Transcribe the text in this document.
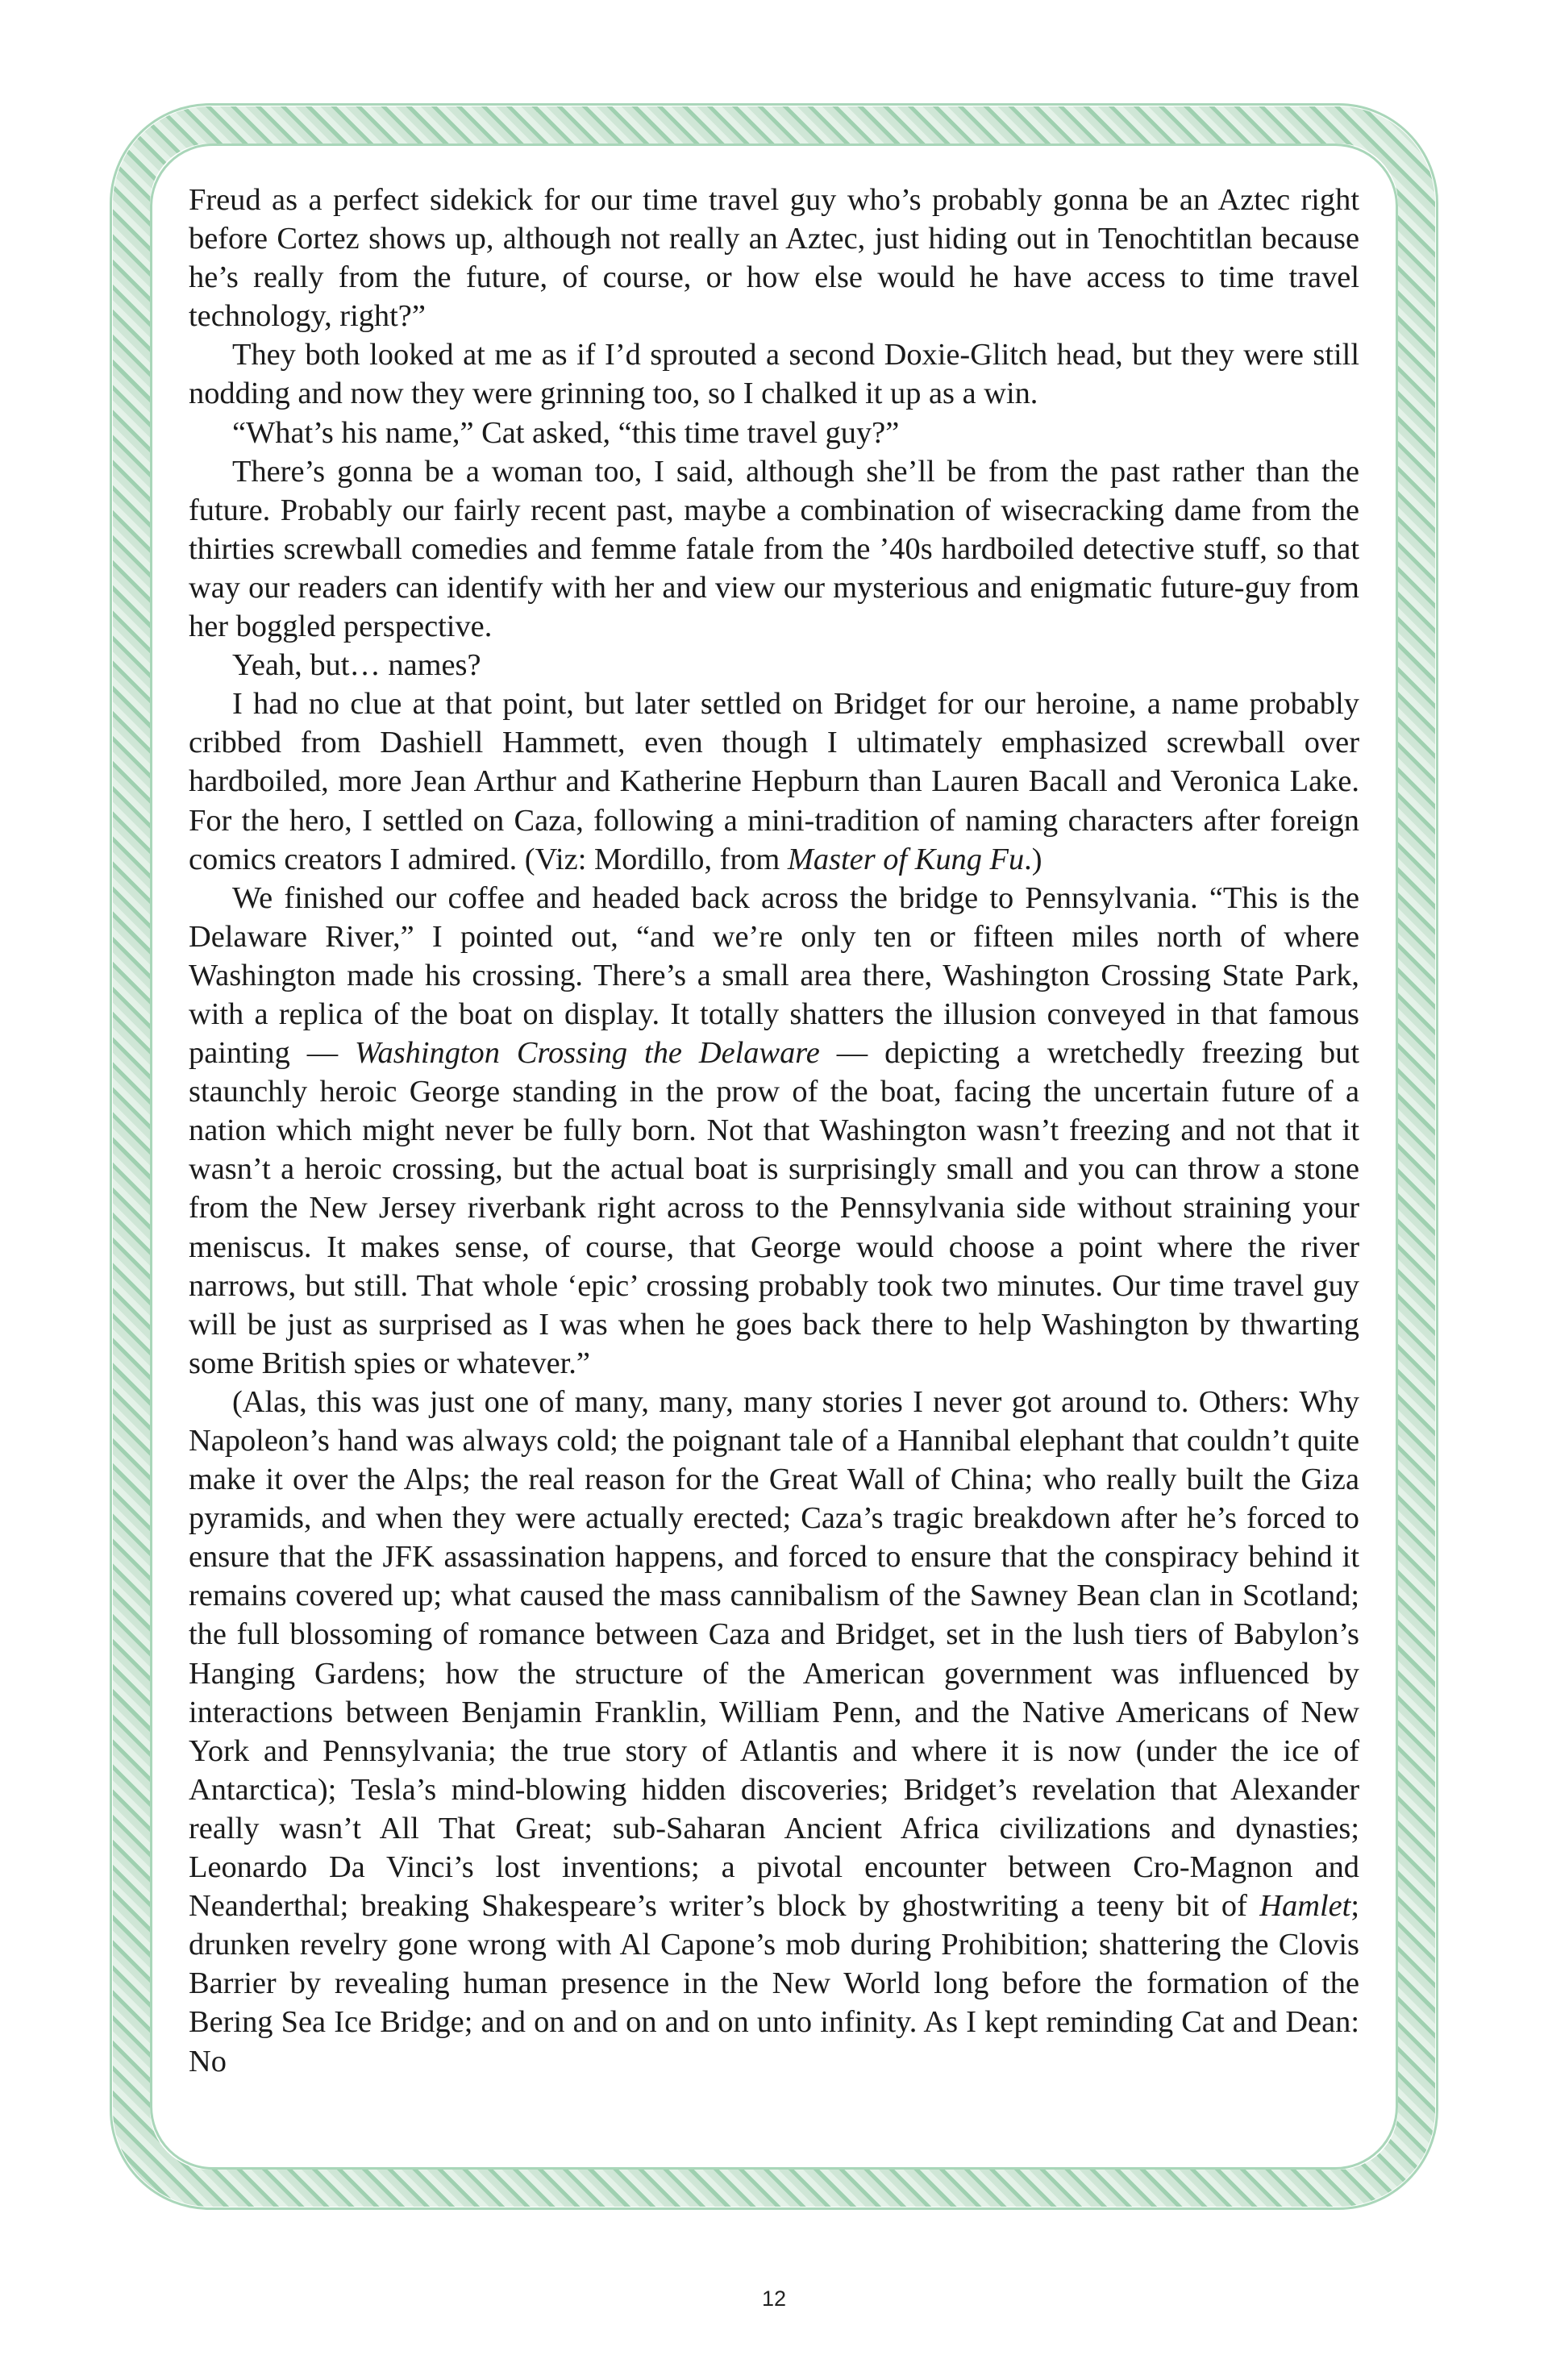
Freud as a perfect sidekick for our time travel guy who’s probably gonna be an Aztec right before Cortez shows up, although not really an Aztec, just hiding out in Tenochtitlan because he’s really from the future, of course, or how else would he have access to time travel technology, right?”

They both looked at me as if I’d sprouted a second Doxie-Glitch head, but they were still nodding and now they were grinning too, so I chalked it up as a win.

“What’s his name,” Cat asked, “this time travel guy?”

There’s gonna be a woman too, I said, although she’ll be from the past rather than the future. Probably our fairly recent past, maybe a combination of wisecracking dame from the thirties screwball comedies and femme fatale from the ’40s hardboiled detective stuff, so that way our readers can identify with her and view our mysterious and enigmatic future-guy from her boggled perspective.

Yeah, but… names?

I had no clue at that point, but later settled on Bridget for our heroine, a name probably cribbed from Dashiell Hammett, even though I ultimately emphasized screwball over hardboiled, more Jean Arthur and Katherine Hepburn than Lauren Bacall and Veronica Lake. For the hero, I settled on Caza, following a mini-tradition of naming characters after foreign comics creators I admired. (Viz: Mordillo, from Master of Kung Fu.)

We finished our coffee and headed back across the bridge to Pennsylvania. “This is the Delaware River,” I pointed out, “and we’re only ten or fifteen miles north of where Washington made his crossing. There’s a small area there, Washington Crossing State Park, with a replica of the boat on display. It totally shatters the illusion conveyed in that famous painting — Washington Crossing the Delaware — depicting a wretchedly freezing but staunchly heroic George standing in the prow of the boat, facing the uncertain future of a nation which might never be fully born. Not that Washington wasn’t freezing and not that it wasn’t a heroic crossing, but the actual boat is surprisingly small and you can throw a stone from the New Jersey riverbank right across to the Pennsylvania side without straining your meniscus. It makes sense, of course, that George would choose a point where the river narrows, but still. That whole ‘epic’ crossing probably took two minutes. Our time travel guy will be just as surprised as I was when he goes back there to help Washington by thwarting some British spies or whatever.”

(Alas, this was just one of many, many, many stories I never got around to. Others: Why Napoleon’s hand was always cold; the poignant tale of a Hannibal elephant that couldn’t quite make it over the Alps; the real reason for the Great Wall of China; who really built the Giza pyramids, and when they were actually erected; Caza’s tragic breakdown after he’s forced to ensure that the JFK assassination happens, and forced to ensure that the conspiracy behind it remains covered up; what caused the mass cannibalism of the Sawney Bean clan in Scotland; the full blossoming of romance between Caza and Bridget, set in the lush tiers of Babylon’s Hanging Gardens; how the structure of the American government was influenced by interactions between Benjamin Franklin, William Penn, and the Native Americans of New York and Pennsylvania; the true story of Atlantis and where it is now (under the ice of Antarctica); Tesla’s mind-blowing hidden discoveries; Bridget’s revelation that Alexander really wasn’t All That Great; sub-Saharan Ancient Africa civilizations and dynasties; Leonardo Da Vinci’s lost inventions; a pivotal encounter between Cro-Magnon and Neanderthal; breaking Shakespeare’s writer’s block by ghostwriting a teeny bit of Hamlet; drunken revelry gone wrong with Al Capone’s mob during Prohibition; shattering the Clovis Barrier by revealing human presence in the New World long before the formation of the Bering Sea Ice Bridge; and on and on and on unto infinity. As I kept reminding Cat and Dean: No

12
